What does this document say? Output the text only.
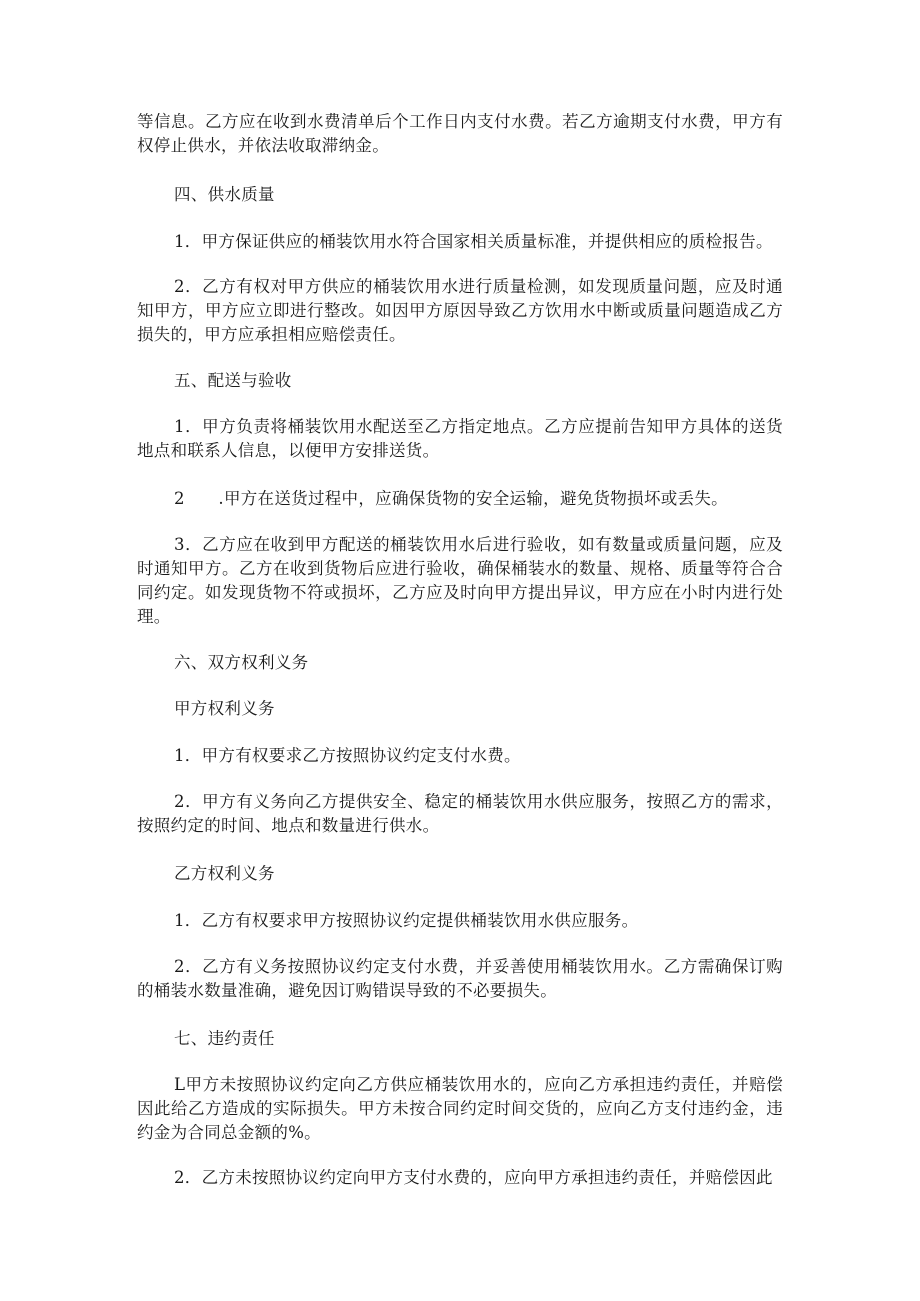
等信息。乙方应在收到水费清单后个工作日内支付水费。若乙方逾期支付水费，甲方有权停止供水，并依法收取滞纳金。

四、供水质量

1．甲方保证供应的桶装饮用水符合国家相关质量标准，并提供相应的质检报告。

2．乙方有权对甲方供应的桶装饮用水进行质量检测，如发现质量问题，应及时通知甲方，甲方应立即进行整改。如因甲方原因导致乙方饮用水中断或质量问题造成乙方损失的，甲方应承担相应赔偿责任。

五、配送与验收

1．甲方负责将桶装饮用水配送至乙方指定地点。乙方应提前告知甲方具体的送货地点和联系人信息，以便甲方安排送货。

2　　.甲方在送货过程中，应确保货物的安全运输，避免货物损坏或丢失。

3．乙方应在收到甲方配送的桶装饮用水后进行验收，如有数量或质量问题，应及时通知甲方。乙方在收到货物后应进行验收，确保桶装水的数量、规格、质量等符合合同约定。如发现货物不符或损坏，乙方应及时向甲方提出异议，甲方应在小时内进行处理。

六、双方权利义务

甲方权利义务

1．甲方有权要求乙方按照协议约定支付水费。

2．甲方有义务向乙方提供安全、稳定的桶装饮用水供应服务，按照乙方的需求，按照约定的时间、地点和数量进行供水。

乙方权利义务

1．乙方有权要求甲方按照协议约定提供桶装饮用水供应服务。

2．乙方有义务按照协议约定支付水费，并妥善使用桶装饮用水。乙方需确保订购的桶装水数量准确，避免因订购错误导致的不必要损失。

七、违约责任

L甲方未按照协议约定向乙方供应桶装饮用水的，应向乙方承担违约责任，并赔偿因此给乙方造成的实际损失。甲方未按合同约定时间交货的，应向乙方支付违约金，违约金为合同总金额的%。

2．乙方未按照协议约定向甲方支付水费的，应向甲方承担违约责任，并赔偿因此
